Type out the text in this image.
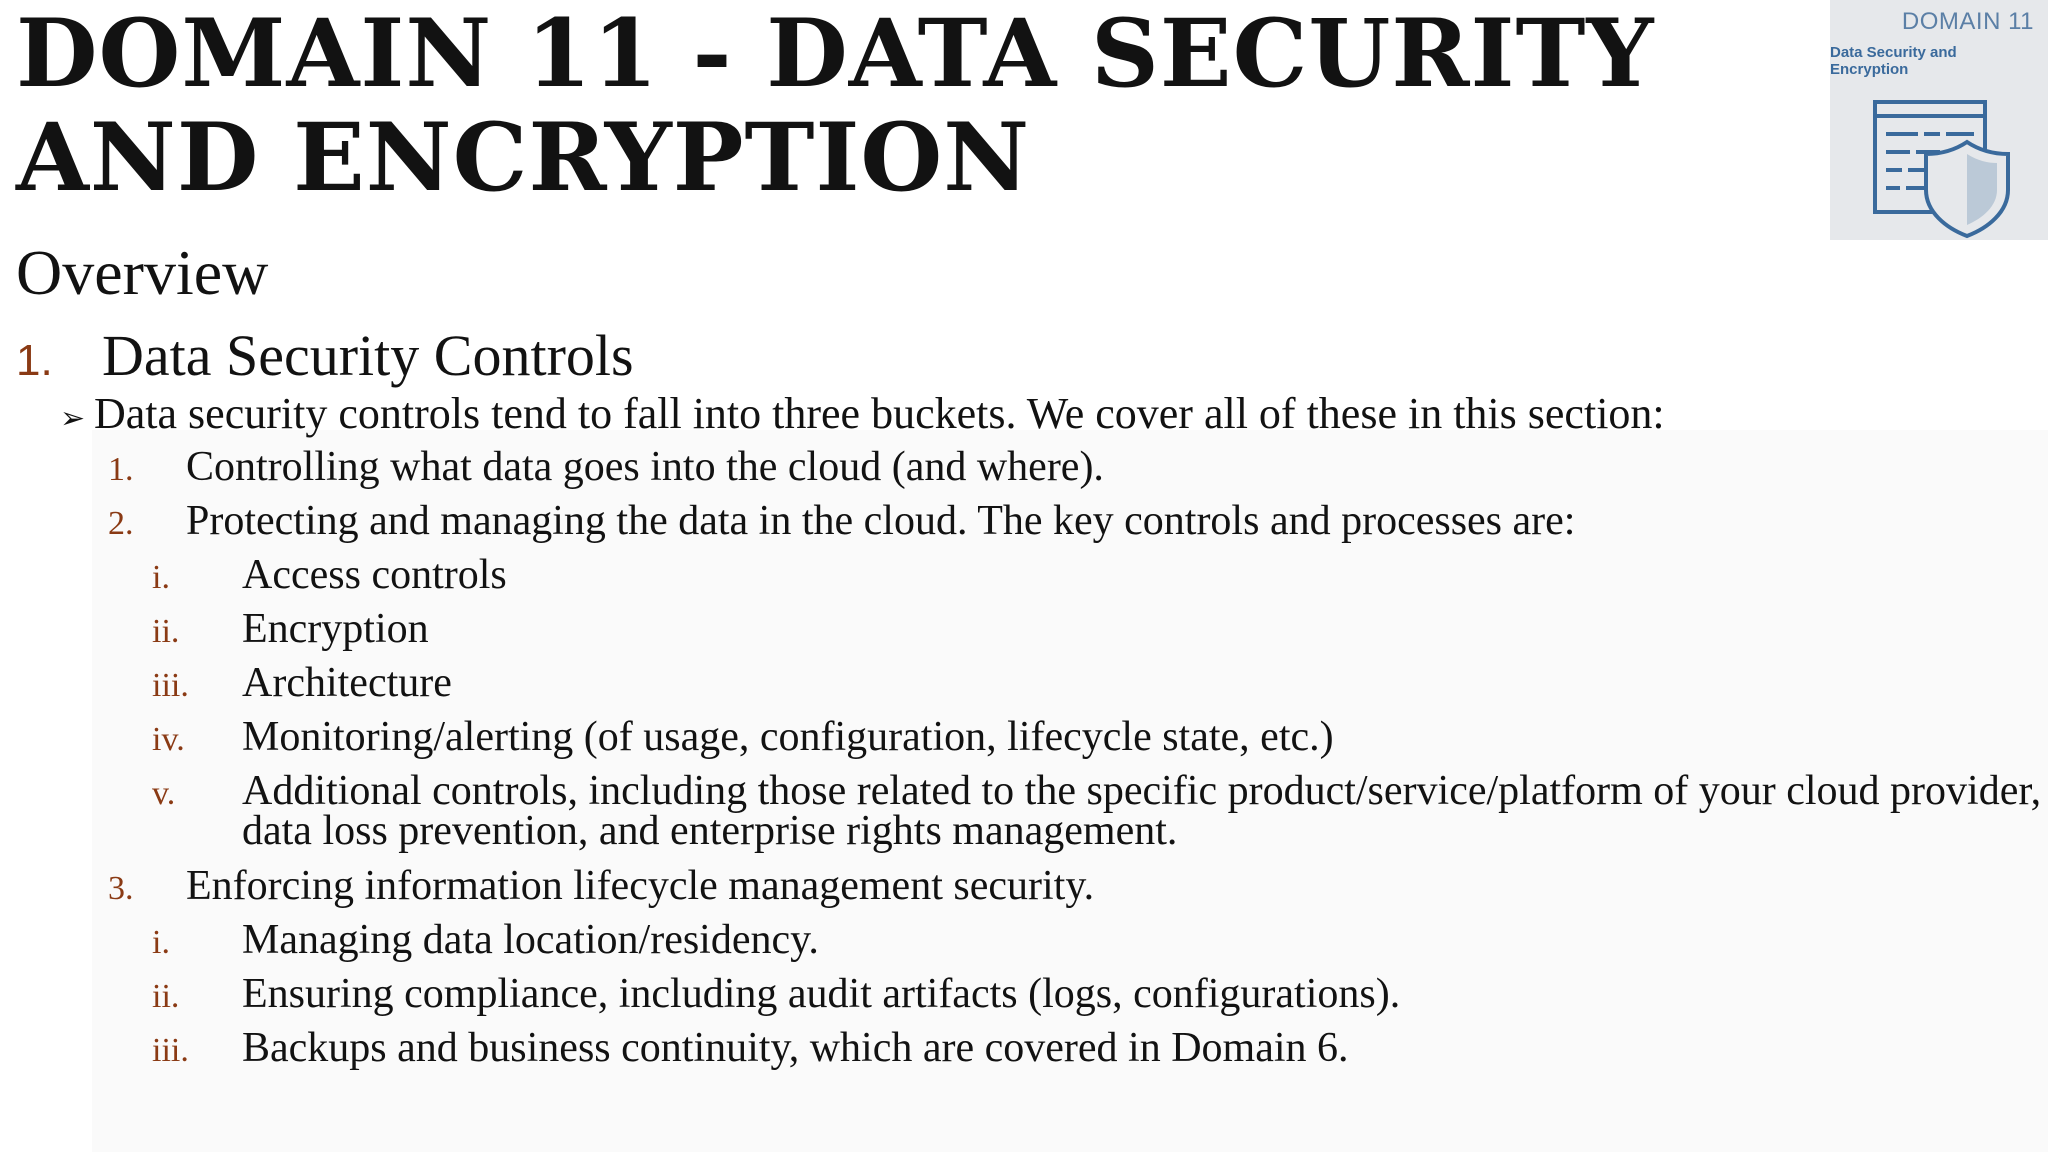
DOMAIN 11 - DATA SECURITY AND ENCRYPTION
Overview
1. Data Security Controls
➢ Data security controls tend to fall into three buckets. We cover all of these in this section:
1.	Controlling what data goes into the cloud (and where).
2.	Protecting and managing the data in the cloud. The key controls and processes are:
i.	Access controls
ii.	Encryption
iii.	Architecture
iv.	Monitoring/alerting (of usage, configuration, lifecycle state, etc.)
v.	Additional controls, including those related to the specific product/service/platform of your cloud provider, data loss prevention, and enterprise rights management.
3.	Enforcing information lifecycle management security.
i.	Managing data location/residency.
ii.	Ensuring compliance, including audit artifacts (logs, configurations).
iii.	Backups and business continuity, which are covered in Domain 6.
DOMAIN 11
Data Security and Encryption
